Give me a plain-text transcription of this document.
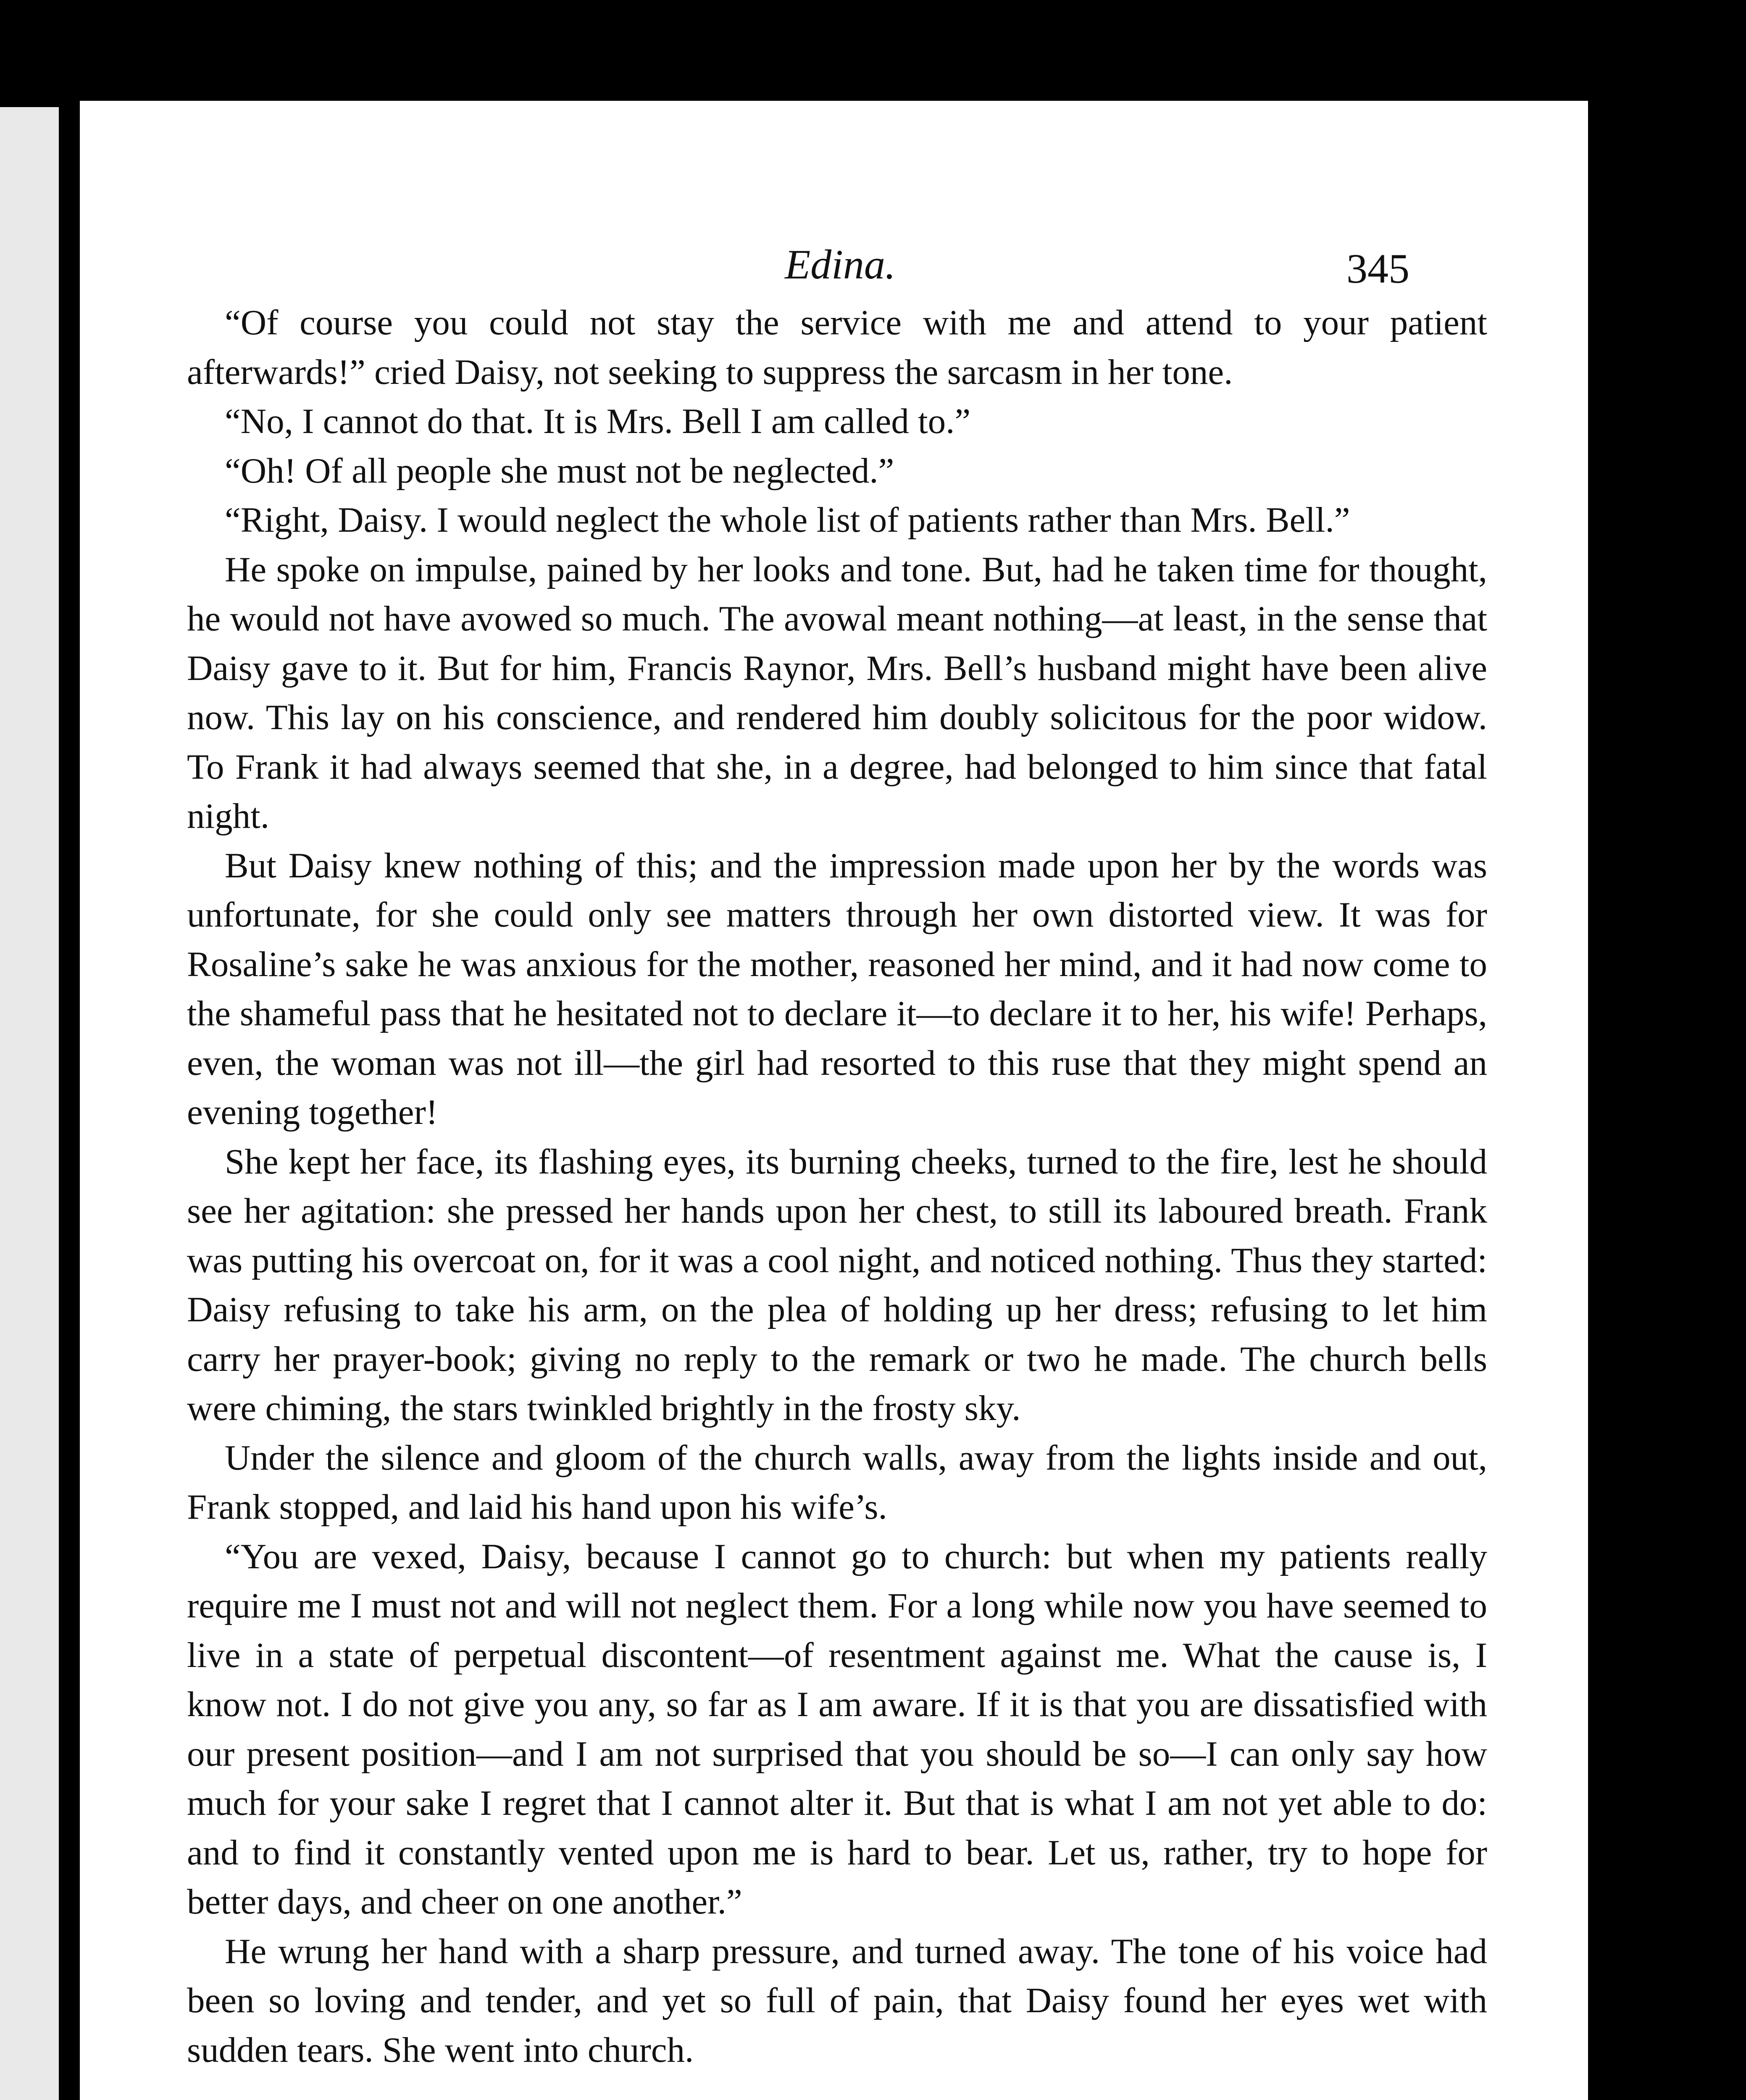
Edina.	345

“Of course you could not stay the service with me and attend to your patient afterwards!” cried Daisy, not seeking to suppress the sarcasm in her tone.

“No, I cannot do that. It is Mrs. Bell I am called to.”

“Oh! Of all people she must not be neglected.”

“Right, Daisy. I would neglect the whole list of patients rather than Mrs. Bell.”

He spoke on impulse, pained by her looks and tone. But, had he taken time for thought, he would not have avowed so much. The avowal meant nothing—at least, in the sense that Daisy gave to it. But for him, Francis Raynor, Mrs. Bell’s husband might have been alive now. This lay on his conscience, and rendered him doubly solicitous for the poor widow. To Frank it had always seemed that she, in a degree, had belonged to him since that fatal night.

But Daisy knew nothing of this; and the impression made upon her by the words was unfortunate, for she could only see matters through her own distorted view. It was for Rosaline’s sake he was anxious for the mother, reasoned her mind, and it had now come to the shameful pass that he hesitated not to declare it—to declare it to her, his wife! Perhaps, even, the woman was not ill—the girl had resorted to this ruse that they might spend an evening together!

She kept her face, its flashing eyes, its burning cheeks, turned to the fire, lest he should see her agitation: she pressed her hands upon her chest, to still its laboured breath. Frank was putting his overcoat on, for it was a cool night, and noticed nothing. Thus they started: Daisy refusing to take his arm, on the plea of holding up her dress; refusing to let him carry her prayer-book; giving no reply to the remark or two he made. The church bells were chiming, the stars twinkled brightly in the frosty sky.

Under the silence and gloom of the church walls, away from the lights inside and out, Frank stopped, and laid his hand upon his wife’s.

“You are vexed, Daisy, because I cannot go to church: but when my patients really require me I must not and will not neglect them. For a long while now you have seemed to live in a state of perpetual discontent—of resentment against me. What the cause is, I know not. I do not give you any, so far as I am aware. If it is that you are dissatisfied with our present position—and I am not surprised that you should be so—I can only say how much for your sake I regret that I cannot alter it. But that is what I am not yet able to do: and to find it constantly vented upon me is hard to bear. Let us, rather, try to hope for better days, and cheer on one another.”

He wrung her hand with a sharp pressure, and turned away. The tone of his voice had been so loving and tender, and yet so full of pain, that Daisy found her eyes wet with sudden tears. She went into church.
